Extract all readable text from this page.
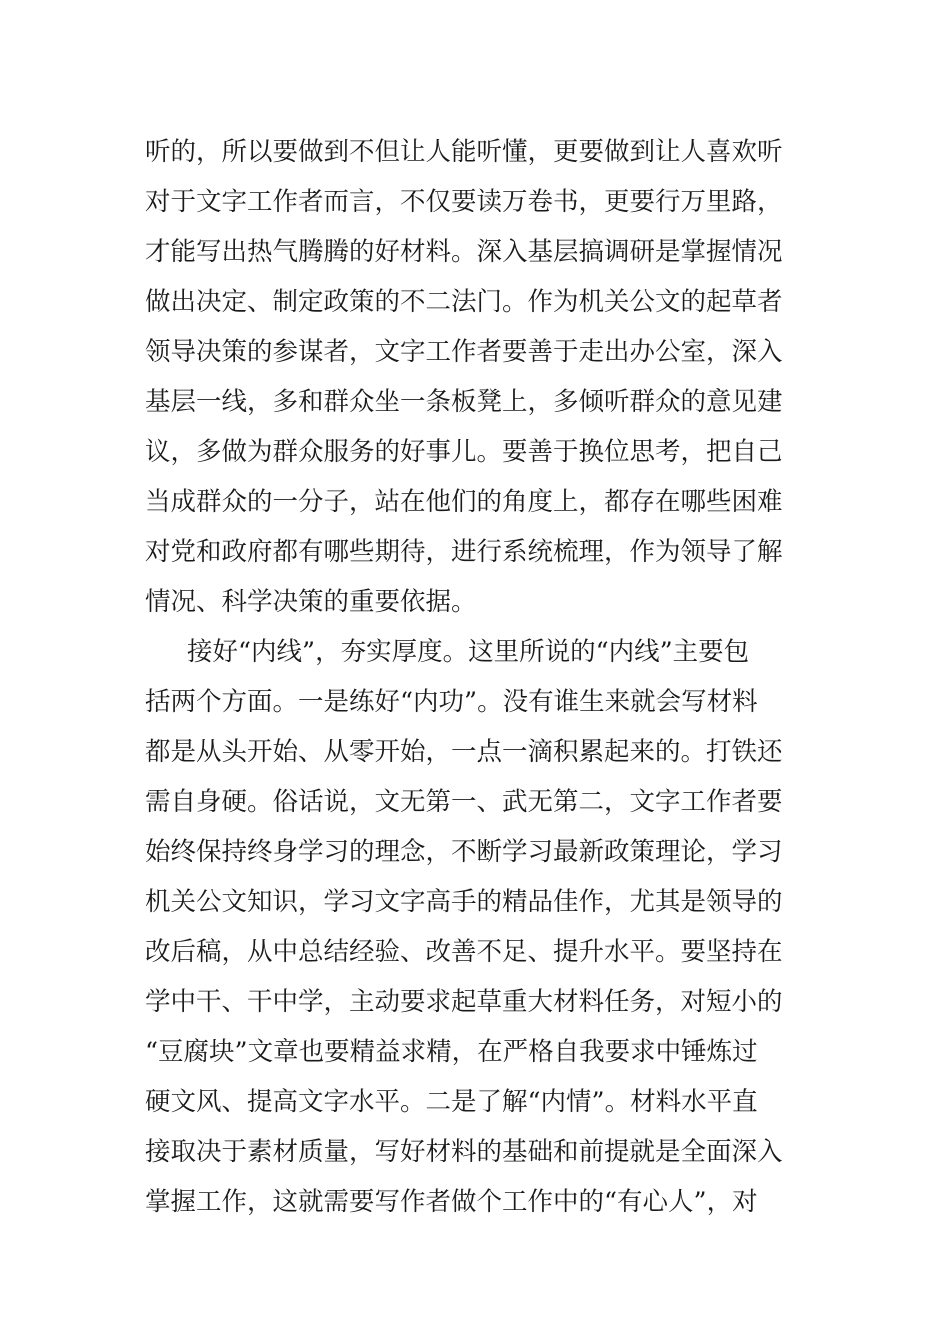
听的，所以要做到不但让人能听懂，更要做到让人喜欢听
对于文字工作者而言，不仅要读万卷书，更要行万里路，
才能写出热气腾腾的好材料。深入基层搞调研是掌握情况
做出决定、制定政策的不二法门。作为机关公文的起草者
领导决策的参谋者，文字工作者要善于走出办公室，深入
基层一线，多和群众坐一条板凳上，多倾听群众的意见建
议，多做为群众服务的好事儿。要善于换位思考，把自己
当成群众的一分子，站在他们的角度上，都存在哪些困难
对党和政府都有哪些期待，进行系统梳理，作为领导了解
情况、科学决策的重要依据。
接好“内线”，夯实厚度。这里所说的“内线”主要包
括两个方面。一是练好“内功”。没有谁生来就会写材料
都是从头开始、从零开始，一点一滴积累起来的。打铁还
需自身硬。俗话说，文无第一、武无第二，文字工作者要
始终保持终身学习的理念，不断学习最新政策理论，学习
机关公文知识，学习文字高手的精品佳作，尤其是领导的
改后稿，从中总结经验、改善不足、提升水平。要坚持在
学中干、干中学，主动要求起草重大材料任务，对短小的
“豆腐块”文章也要精益求精，在严格自我要求中锤炼过
硬文风、提高文字水平。二是了解“内情”。材料水平直
接取决于素材质量，写好材料的基础和前提就是全面深入
掌握工作，这就需要写作者做个工作中的“有心人”，对
